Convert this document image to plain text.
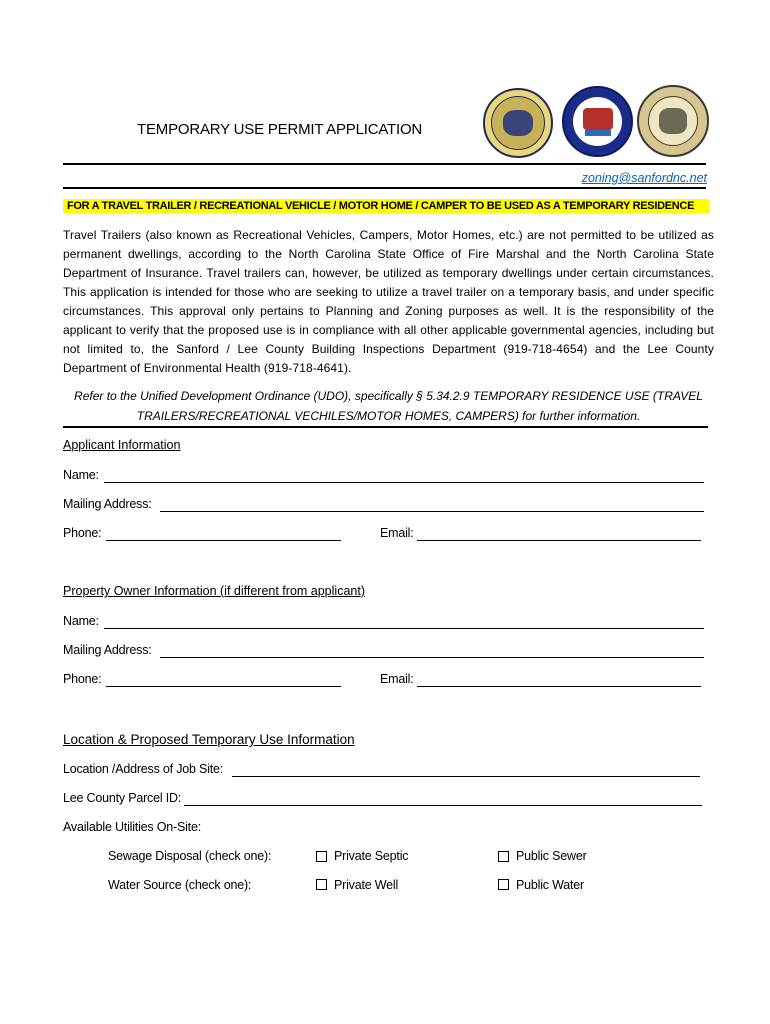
TEMPORARY USE PERMIT APPLICATION
zoning@sanfordnc.net
FOR A TRAVEL TRAILER / RECREATIONAL VEHICLE / MOTOR HOME / CAMPER TO BE USED AS A TEMPORARY RESIDENCE
Travel Trailers (also known as Recreational Vehicles, Campers, Motor Homes, etc.) are not permitted to be utilized as permanent dwellings, according to the North Carolina State Office of Fire Marshal and the North Carolina State Department of Insurance. Travel trailers can, however, be utilized as temporary dwellings under certain circumstances. This application is intended for those who are seeking to utilize a travel trailer on a temporary basis, and under specific circumstances. This approval only pertains to Planning and Zoning purposes as well. It is the responsibility of the applicant to verify that the proposed use is in compliance with all other applicable governmental agencies, including but not limited to, the Sanford / Lee County Building Inspections Department (919-718-4654) and the Lee County Department of Environmental Health (919-718-4641).
Refer to the Unified Development Ordinance (UDO), specifically § 5.34.2.9 TEMPORARY RESIDENCE USE (TRAVEL TRAILERS/RECREATIONAL VECHILES/MOTOR HOMES, CAMPERS) for further information.
Applicant Information
Name:
Mailing Address:
Phone:	Email:
Property Owner Information (if different from applicant)
Name:
Mailing Address:
Phone:	Email:
Location & Proposed Temporary Use Information
Location /Address of Job Site:
Lee County Parcel ID:
Available Utilities On-Site:
Sewage Disposal (check one):	Private Septic	Public Sewer
Water Source (check one):	Private Well	Public Water
